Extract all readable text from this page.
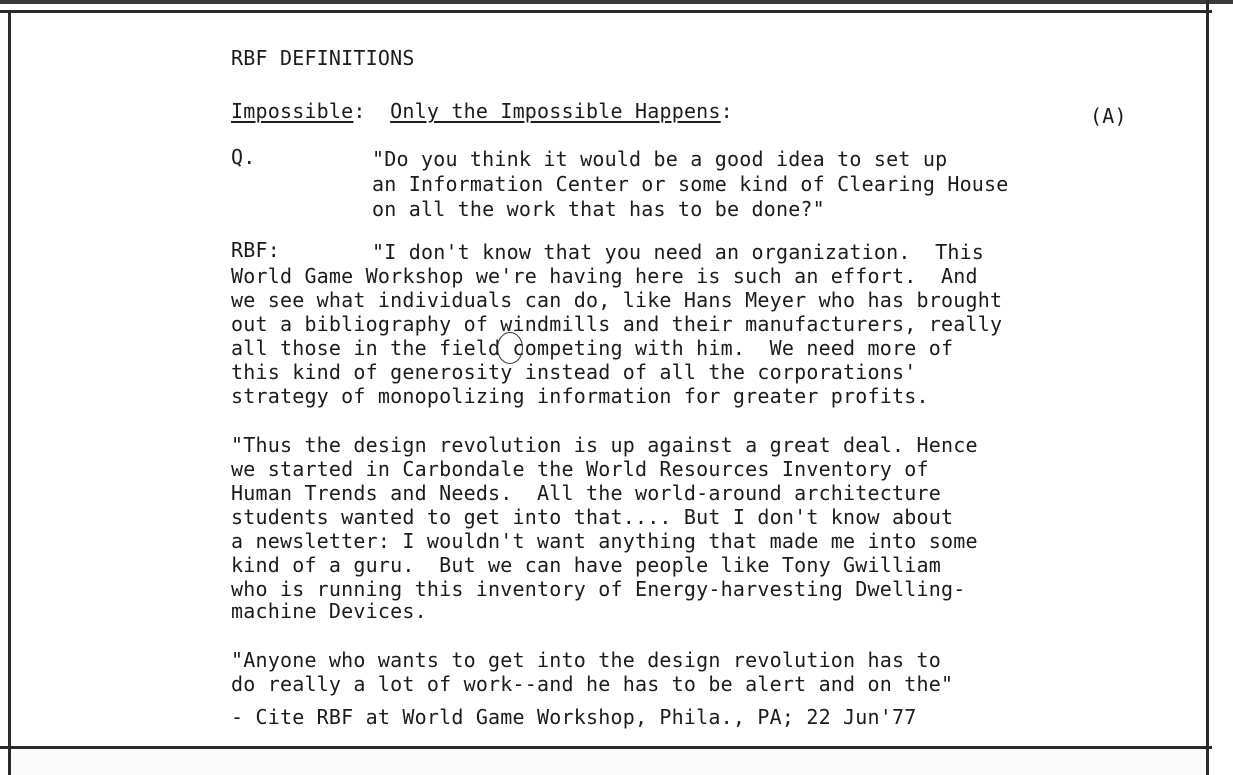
RBF DEFINITIONS
Impossible: Only the Impossible Happens:	(A)
Q.	"Do you think it would be a good idea to set up
an Information Center or some kind of Clearing House
on all the work that has to be done?"
RBF:	"I don't know that you need an organization.  This
World Game Workshop we're having here is such an effort.  And
we see what individuals can do, like Hans Meyer who has brought
out a bibliography of windmills and their manufacturers, really
all those in the field competing with him.  We need more of
this kind of generosity instead of all the corporations'
strategy of monopolizing information for greater profits.
"Thus the design revolution is up against a great deal. Hence
we started in Carbondale the World Resources Inventory of
Human Trends and Needs.  All the world-around architecture
students wanted to get into that.... But I don't know about
a newsletter: I wouldn't want anything that made me into some
kind of a guru.  But we can have people like Tony Gwilliam
who is running this inventory of Energy-harvesting Dwelling-
machine Devices.
"Anyone who wants to get into the design revolution has to
do really a lot of work--and he has to be alert and on the"
- Cite RBF at World Game Workshop, Phila., PA; 22 Jun'77
